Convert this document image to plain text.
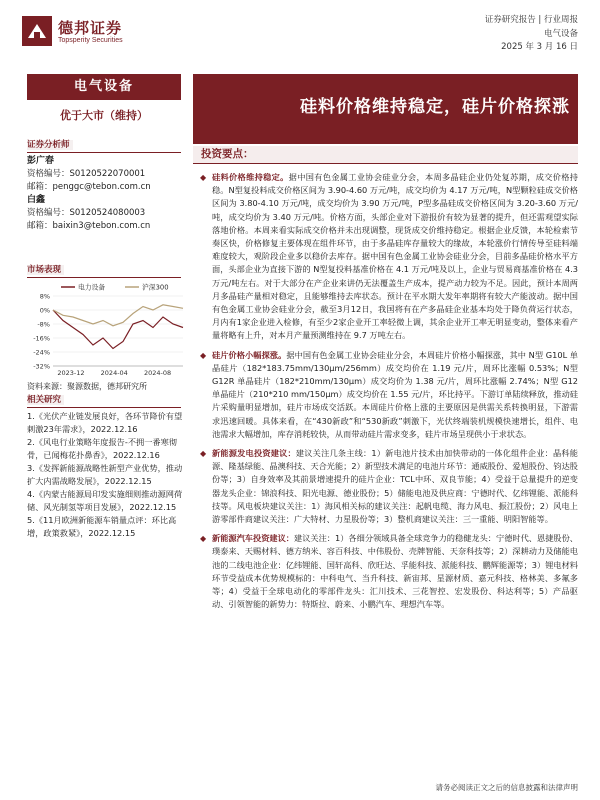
德邦证券
Topsperity Securities
证券研究报告 | 行业周报
电气设备
2025 年 3 月 16 日
电气设备
优于大市（维持）
证券分析师
彭广春
资格编号：S0120522070001
邮箱：penggc@tebon.com.cn
白鑫
资格编号：S0120524080003
邮箱：baixin3@tebon.com.cn
市场表现
8%
0%
-8%
-16%
-24%
-32%
2023-12 2024-04 2024-08
电力设备	沪深300
资料来源：聚源数据，德邦研究所
相关研究
1.《光伏产业链发展良好，各环节降价有望刺激23年需求》，2022.12.16
2.《风电行业策略年度报告-不拥一番寒彻骨，已闻梅花扑鼻香》，2022.12.16
3.《发挥新能源战略性新型产业优势，推动扩大内需战略发展》，2022.12.15
4.《内蒙古能源局印发实施细则推动源网荷储、风光制氢等项目发展》，2022.12.15
5.《11月欧洲新能源车销量点评：环比高增，政策救紧》，2022.12.15
硅料价格维持稳定，硅片价格探涨
投资要点：

◆ 硅料价格维持稳定。据中国有色金属工业协会硅业分会，本周多晶硅企业仍处复苏期，成交价格持稳。N型复投料成交价格区间为 3.90-4.60 万元/吨，成交均价为 4.17 万元/吨，N型颗粒硅成交价格区间为 3.80-4.10 万元/吨，成交均价为 3.90 万元/吨，P型多晶硅成交价格区间为 3.20-3.60 万元/吨，成交均价为 3.40 万元/吨。价格方面，头部企业对下游报价有较为显著的提升，但还需观望实际落地价格。本周来看实际成交价格并未出现调整，现货成交价维持稳定。根据企业反馈，本轮检索节奏区快，价格修复主要体现在组件环节，由于多晶硅库存量较大的缘故，本轮涨价行情传导至硅料端难度较大，观阶段企业多以稳价去库存。据中国有色金属工业协会硅业分会，目前多晶硅价格水平方面，头部企业为直接下游的 N型复投料基准价格在 4.1 万元/吨及以上，企业与贸易商基准价格在 4.3 万元/吨左右。对于大部分在产企业来讲仍无法覆盖生产成本，提产动力较为不足。因此，预计本周两月多晶硅产量相对稳定，且能够维持去库状态。预计在平水期大发年率期将有较大产能波动。据中国有色金属工业协会硅业分会，截至3月12日，我国将有在产多晶硅企业基本均处于降负荷运行状态，月内有1家企业进入检修，有至少2家企业开工率轻微上调，其余企业开工率无明显变动，整体来看产量将略有上升，对本月产量预测维持在 9.7 万吨左右。

◆ 硅片价格小幅探涨。据中国有色金属工业协会硅业分会，本周硅片价格小幅探涨，其中 N型 G10L 单晶硅片（182*183.75mm/130μm/256mm）成交均价在 1.19 元/片，周环比涨幅 0.53%；N型 G12R 单晶硅片（182*210mm/130μm）成交均价为 1.38 元/片，周环比涨幅 2.74%；N型 G12 单晶硅片（210*210 mm/150μm）成交均价在 1.55 元/片，环比持平。下游订单陆续释放，推动硅片采购量明显增加，硅片市场成交活跃。本周硅片价格上涨的主要原因是供需关系转换明显，下游需求迅速回暖。具体来看，在“430新政”和“530新政”刺激下，光伏终端装机规模快速增长，组件、电池需求大幅增加，库存消耗较快，从而带动硅片需求变多，硅片市场呈现供小于求状态。

◆ 新能源发电投资建议：建议关注几条主线：1）新电池片技术由加快带动的一体化组件企业：晶科能源、隆基绿能、晶澳科技、天合光能；2）新型技术满足的电池片环节：通威股份、爱旭股份、钧达股份等；3）自身效率及其前景增速提升的硅片企业：TCL中环、双良节能；4）受益于总量提升的逆变器龙头企业：锦浪科技、阳光电源、德业股份；5）储能电池及供应商：宁德时代、亿纬锂能、派能科技等。风电板块建议关注：1）海风相关标的建议关注：起帆电缆、海力风电、振江股份；2）风电上游零部件商建议关注：广大特材、力星股份等；3）整机商建议关注：三一重能、明阳智能等。

◆ 新能源汽车投资建议：建议关注：1）各细分领域具备全球竞争力的稳健龙头：宁德时代、恩捷股份、璞泰来、天赐材料、德方纳米、容百科技、中伟股份、壳牌智能、天奈科技等；2）深耕动力及储能电池的二线电池企业：亿纬锂能、国轩高科、欣旺达、孚能科技、派能科技、鹏辉能源等；3）锂电材料环节受益成本优势规模标的：中科电气、当升科技、新宙邦、星源材质、嘉元科技、格林美、多氟多等；4）受益于全球电动化的零部件龙头：汇川技术、三花智控、宏发股份、科达利等；5）产品驱动、引领智能的新势力：特斯拉、蔚来、小鹏汽车、理想汽车等。

请务必阅读正文之后的信息披露和法律声明
